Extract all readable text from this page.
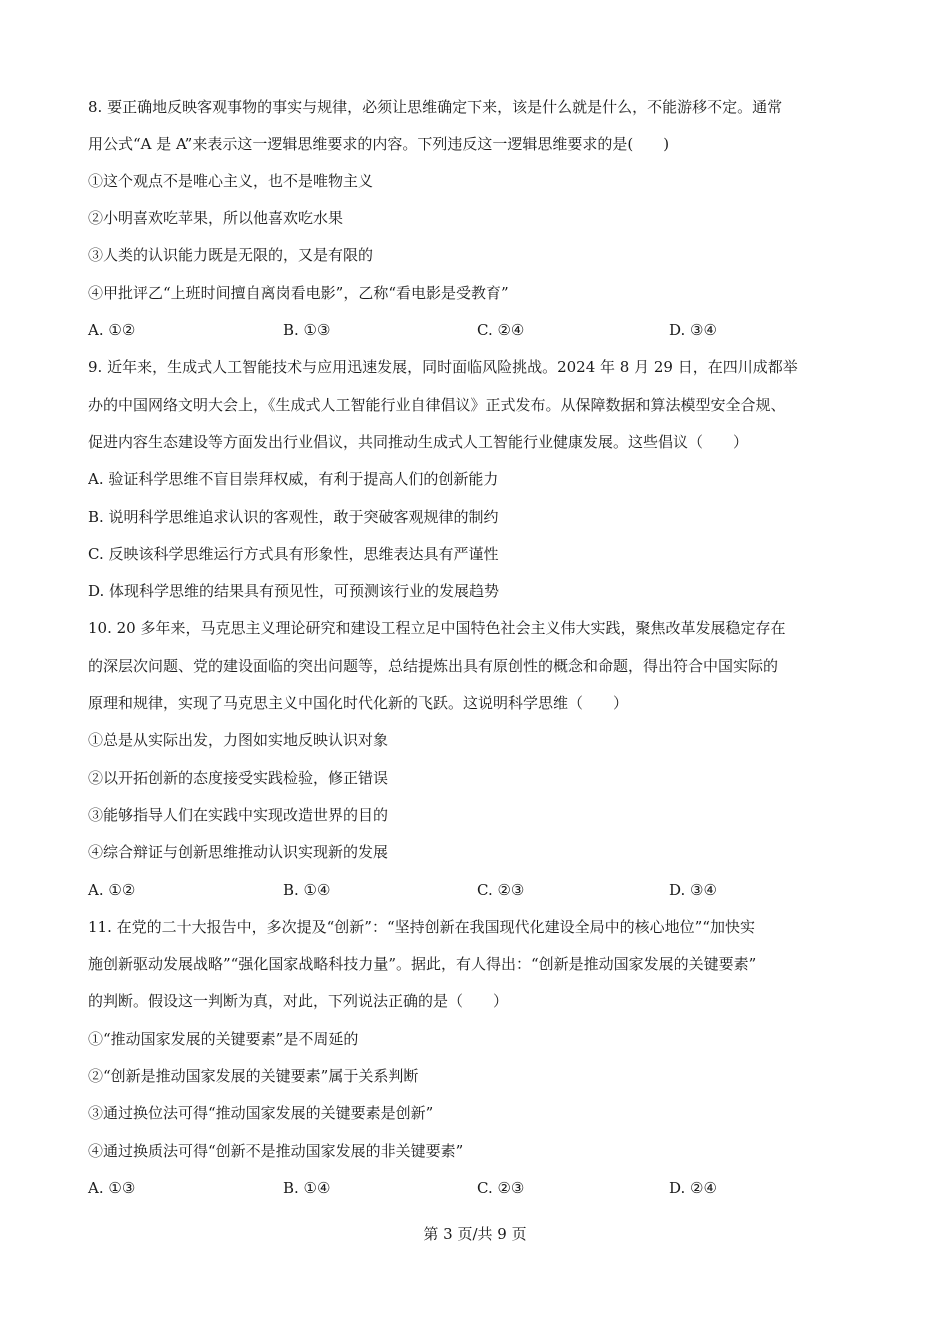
8. 要正确地反映客观事物的事实与规律，必须让思维确定下来，该是什么就是什么，不能游移不定。通常
用公式“A 是 A”来表示这一逻辑思维要求的内容。下列违反这一逻辑思维要求的是(　　)
①这个观点不是唯心主义，也不是唯物主义
②小明喜欢吃苹果，所以他喜欢吃水果
③人类的认识能力既是无限的，又是有限的
④甲批评乙“上班时间擅自离岗看电影”，乙称“看电影是受教育”
A. ①②	B. ①③	C. ②④	D. ③④
9. 近年来，生成式人工智能技术与应用迅速发展，同时面临风险挑战。2024 年 8 月 29 日，在四川成都举
办的中国网络文明大会上，《生成式人工智能行业自律倡议》正式发布。从保障数据和算法模型安全合规、
促进内容生态建设等方面发出行业倡议，共同推动生成式人工智能行业健康发展。这些倡议（　　）
A. 验证科学思维不盲目崇拜权威，有利于提高人们的创新能力
B. 说明科学思维追求认识的客观性，敢于突破客观规律的制约
C. 反映该科学思维运行方式具有形象性，思维表达具有严谨性
D. 体现科学思维的结果具有预见性，可预测该行业的发展趋势
10. 20 多年来，马克思主义理论研究和建设工程立足中国特色社会主义伟大实践，聚焦改革发展稳定存在
的深层次问题、党的建设面临的突出问题等，总结提炼出具有原创性的概念和命题，得出符合中国实际的
原理和规律，实现了马克思主义中国化时代化新的飞跃。这说明科学思维（　　）
①总是从实际出发，力图如实地反映认识对象
②以开拓创新的态度接受实践检验，修正错误
③能够指导人们在实践中实现改造世界的目的
④综合辩证与创新思维推动认识实现新的发展
A. ①②	B. ①④	C. ②③	D. ③④
11. 在党的二十大报告中，多次提及“创新”：“坚持创新在我国现代化建设全局中的核心地位”“加快实
施创新驱动发展战略”“强化国家战略科技力量”。据此，有人得出：“创新是推动国家发展的关键要素”
的判断。假设这一判断为真，对此，下列说法正确的是（　　）
①“推动国家发展的关键要素”是不周延的
②“创新是推动国家发展的关键要素”属于关系判断
③通过换位法可得“推动国家发展的关键要素是创新”
④通过换质法可得“创新不是推动国家发展的非关键要素”
A. ①③	B. ①④	C. ②③	D. ②④
第 3 页/共 9 页
